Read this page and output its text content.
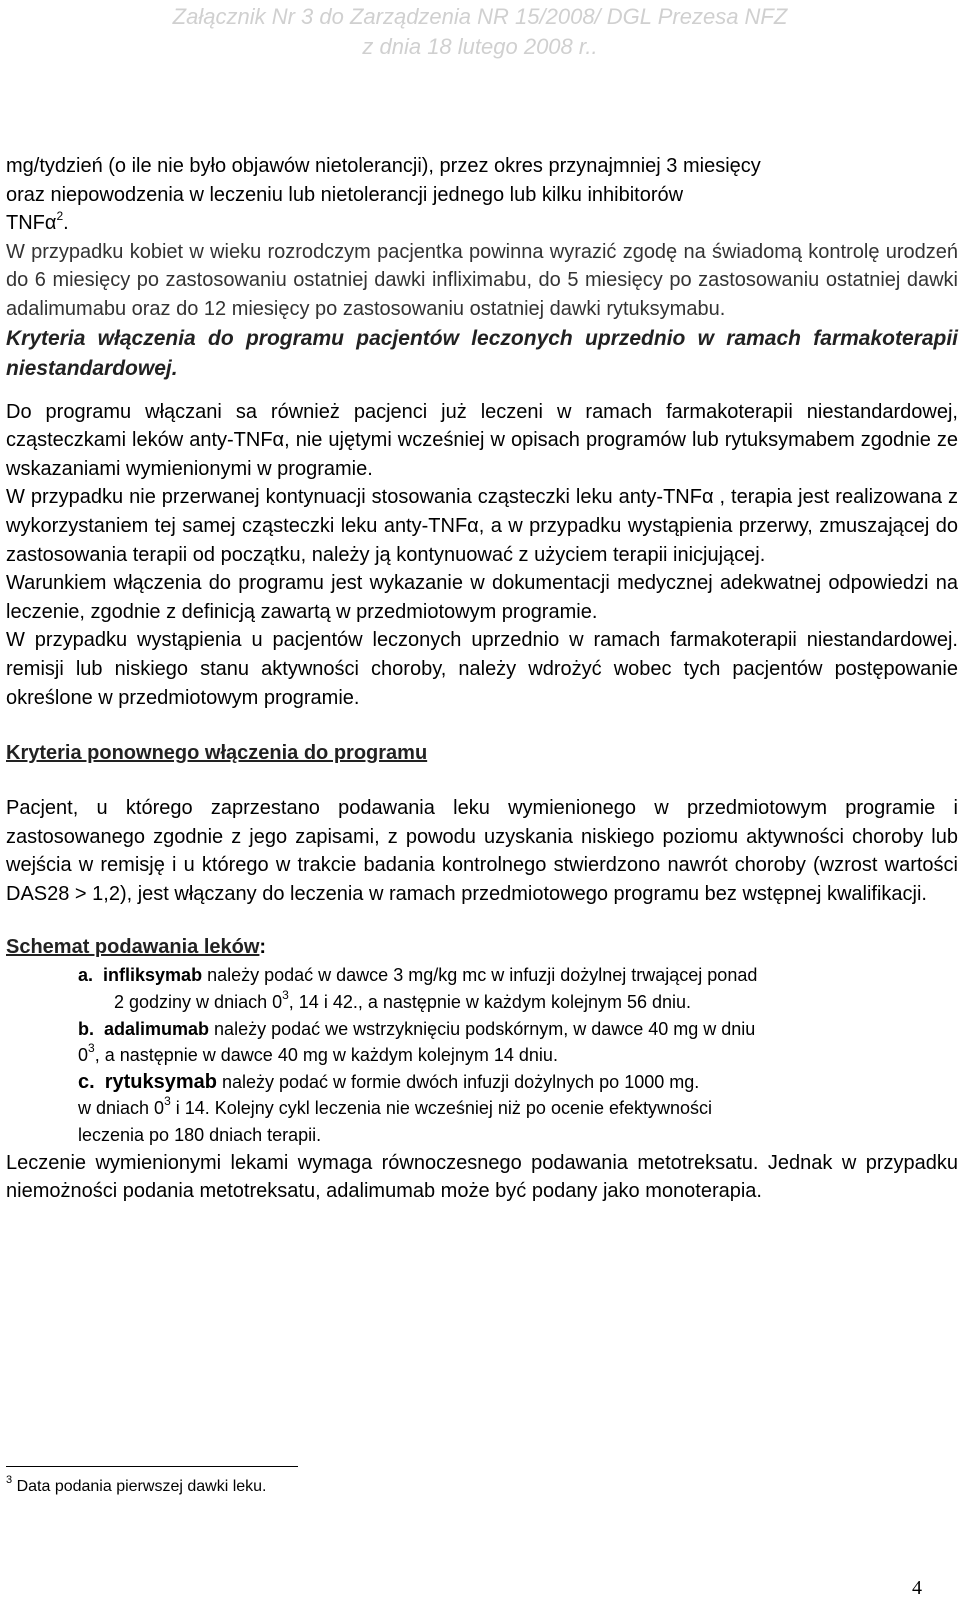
Załącznik Nr 3 do Zarządzenia NR 15/2008/ DGL Prezesa NFZ
z dnia 18 lutego 2008 r..

mg/tydzień (o ile nie było objawów nietolerancji), przez okres przynajmniej 3 miesięcy
oraz niepowodzenia w leczeniu lub nietolerancji jednego lub kilku inhibitorów
TNFα$^2$.

W przypadku kobiet w wieku rozrodczym pacjentka powinna wyrazić zgodę na świadomą kontrolę urodzeń do 6 miesięcy po zastosowaniu ostatniej dawki infliximabu, do 5 miesięcy po zastosowaniu ostatniej dawki adalimumabu oraz do 12 miesięcy po zastosowaniu ostatniej dawki rytuksymabu.

Kryteria włączenia do programu pacjentów leczonych uprzednio w ramach farmakoterapii niestandardowej.

Do programu włączani sa również pacjenci już leczeni w ramach farmakoterapii niestandardowej, cząsteczkami leków anty-TNFα, nie ujętymi wcześniej w opisach programów lub rytuksymabem zgodnie ze wskazaniami wymienionymi w programie.

W przypadku nie przerwanej kontynuacji stosowania cząsteczki leku anty-TNFα , terapia jest realizowana z wykorzystaniem tej samej cząsteczki leku anty-TNFα, a w przypadku wystąpienia przerwy, zmuszającej do zastosowania terapii od początku, należy ją kontynuować z użyciem terapii inicjującej.

Warunkiem włączenia do programu jest wykazanie w dokumentacji medycznej adekwatnej odpowiedzi na leczenie, zgodnie z definicją zawartą w przedmiotowym programie.

W przypadku wystąpienia u pacjentów leczonych uprzednio w ramach farmakoterapii niestandardowej. remisji lub niskiego stanu aktywności choroby, należy wdrożyć wobec tych pacjentów postępowanie określone w przedmiotowym programie.

Kryteria ponownego włączenia do programu

Pacjent, u którego zaprzestano podawania leku wymienionego w przedmiotowym programie i zastosowanego zgodnie z jego zapisami, z powodu uzyskania niskiego poziomu aktywności choroby lub wejścia w remisję i u którego w trakcie badania kontrolnego stwierdzono nawrót choroby (wzrost wartości DAS28 > 1,2), jest włączany do leczenia w ramach przedmiotowego programu bez wstępnej kwalifikacji.

Schemat podawania leków:

a. infliksymab należy podać w dawce 3 mg/kg mc w infuzji dożylnej trwającej ponad
2 godziny w dniach $0^3$, 14 i 42., a następnie w każdym kolejnym 56 dniu.
b. adalimumab należy podać we wstrzyknięciu podskórnym, w dawce 40 mg w dniu
$0^3$, a następnie w dawce 40 mg w każdym kolejnym 14 dniu.
c. rytuksymab należy podać w formie dwóch infuzji dożylnych po 1000 mg.
w dniach $0^3$ i 14. Kolejny cykl leczenia nie wcześniej niż po ocenie efektywności
leczenia po 180 dniach terapii.

Leczenie wymienionymi lekami wymaga równoczesnego podawania metotreksatu. Jednak w przypadku niemożności podania metotreksatu, adalimumab może być podany jako monoterapia.

$^3$ Data podania pierwszej dawki leku.
4
